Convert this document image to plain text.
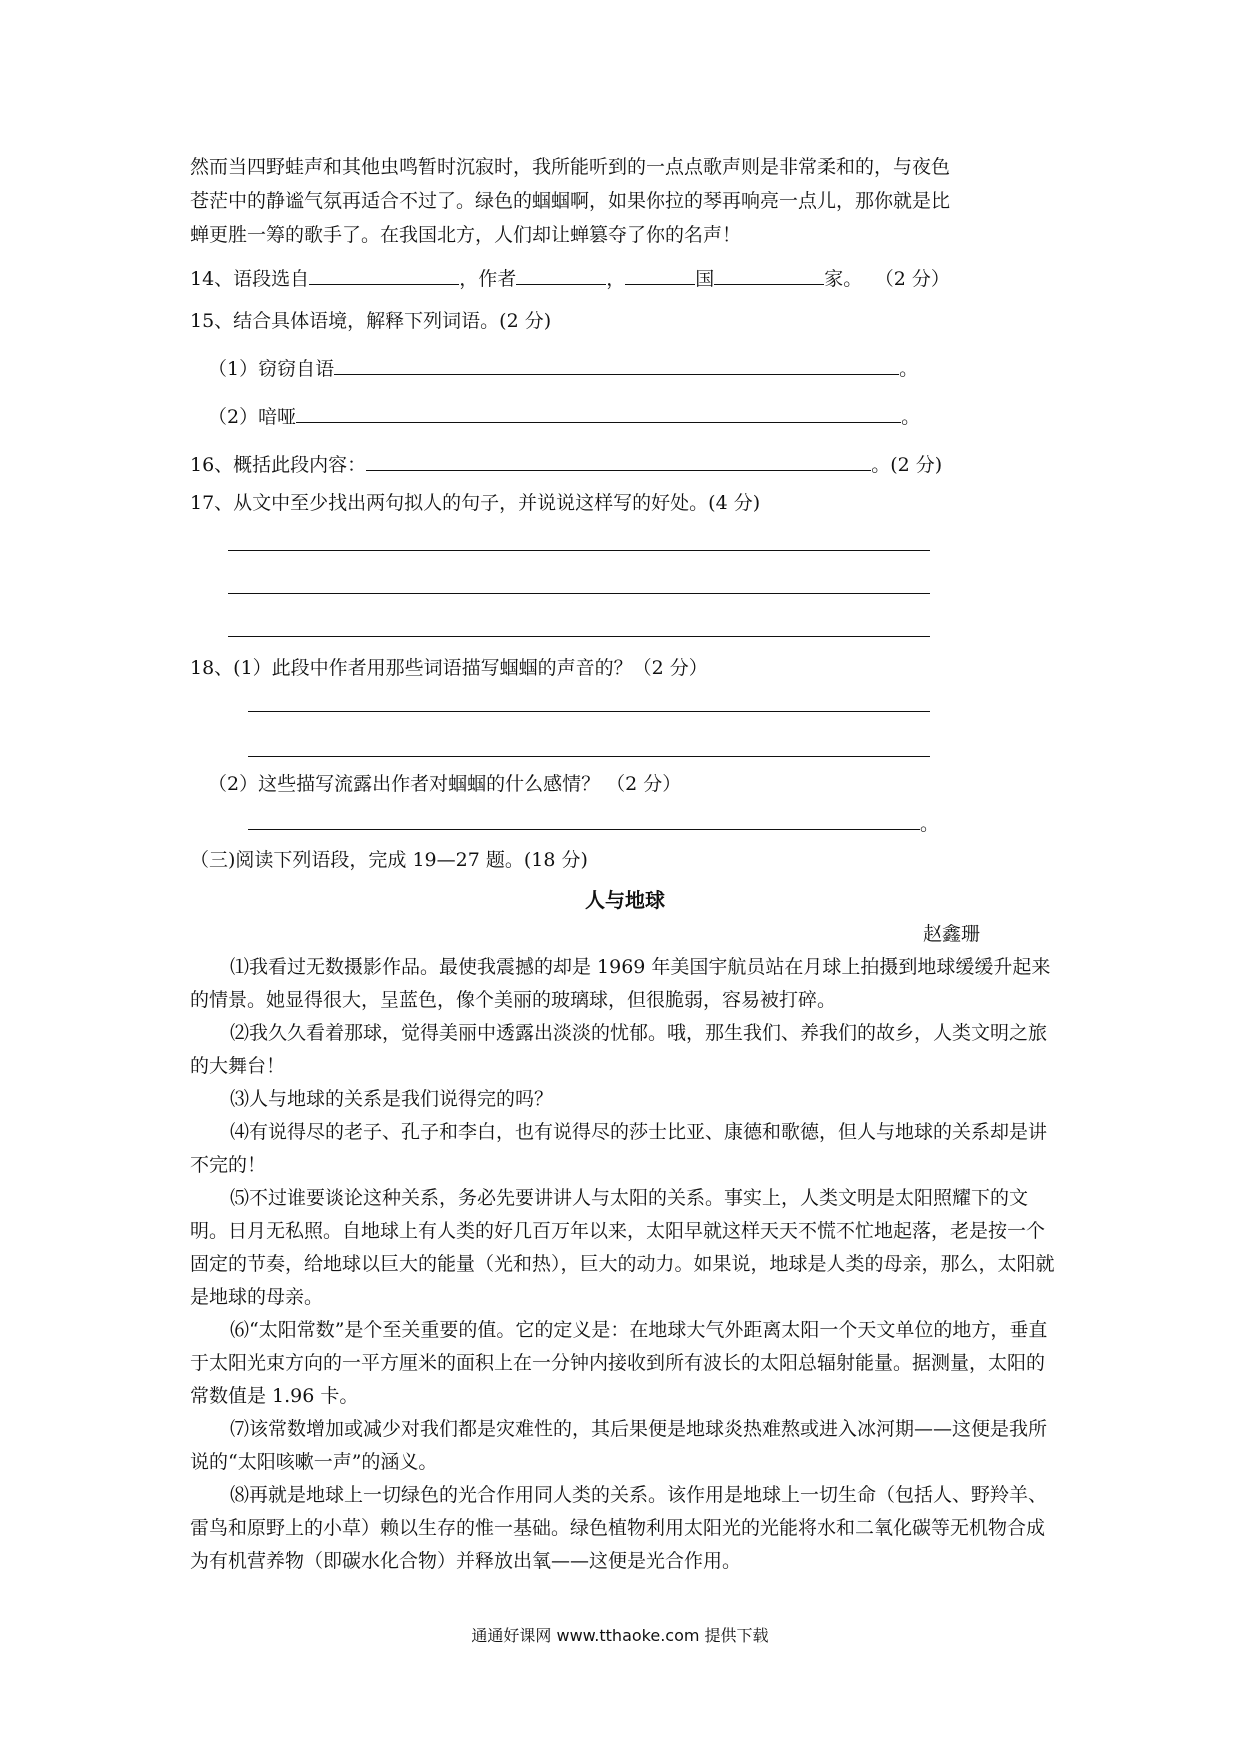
然而当四野蛙声和其他虫鸣暂时沉寂时，我所能听到的一点点歌声则是非常柔和的，与夜色

苍茫中的静谧气氛再适合不过了。绿色的蝈蝈啊，如果你拉的琴再响亮一点儿，那你就是比

蝉更胜一筹的歌手了。在我国北方，人们却让蝉篡夺了你的名声！

14、语段选自	，作者	，	国	家。 （2 分）
15、结合具体语境，解释下列词语。(2 分)
（1）窃窃自语	。
（2）喑哑	。
16、概括此段内容：	。(2 分)
17、从文中至少找出两句拟人的句子，并说说这样写的好处。(4 分)
18、(1）此段中作者用那些词语描写蝈蝈的声音的？（2 分）
（2）这些描写流露出作者对蝈蝈的什么感情？ （2 分）
。
（三)阅读下列语段，完成 19—27 题。(18 分)
人与地球
赵鑫珊

⑴我看过无数摄影作品。最使我震撼的却是 1969 年美国宇航员站在月球上拍摄到地球缓缓升起来的情景。她显得很大，呈蓝色，像个美丽的玻璃球，但很脆弱，容易被打碎。

⑵我久久看着那球，觉得美丽中透露出淡淡的忧郁。哦，那生我们、养我们的故乡，人类文明之旅的大舞台！

⑶人与地球的关系是我们说得完的吗？

⑷有说得尽的老子、孔子和李白，也有说得尽的莎士比亚、康德和歌德，但人与地球的关系却是讲不完的！

⑸不过谁要谈论这种关系，务必先要讲讲人与太阳的关系。事实上，人类文明是太阳照耀下的文明。日月无私照。自地球上有人类的好几百万年以来，太阳早就这样天天不慌不忙地起落，老是按一个固定的节奏，给地球以巨大的能量（光和热），巨大的动力。如果说，地球是人类的母亲，那么，太阳就是地球的母亲。

⑹“太阳常数”是个至关重要的值。它的定义是：在地球大气外距离太阳一个天文单位的地方，垂直于太阳光束方向的一平方厘米的面积上在一分钟内接收到所有波长的太阳总辐射能量。据测量，太阳的常数值是 1.96 卡。

⑺该常数增加或减少对我们都是灾难性的，其后果便是地球炎热难熬或进入冰河期——这便是我所说的“太阳咳嗽一声”的涵义。

⑻再就是地球上一切绿色的光合作用同人类的关系。该作用是地球上一切生命（包括人、野羚羊、雷鸟和原野上的小草）赖以生存的惟一基础。绿色植物利用太阳光的光能将水和二氧化碳等无机物合成为有机营养物（即碳水化合物）并释放出氧——这便是光合作用。

通通好课网 www.tthaoke.com 提供下载
